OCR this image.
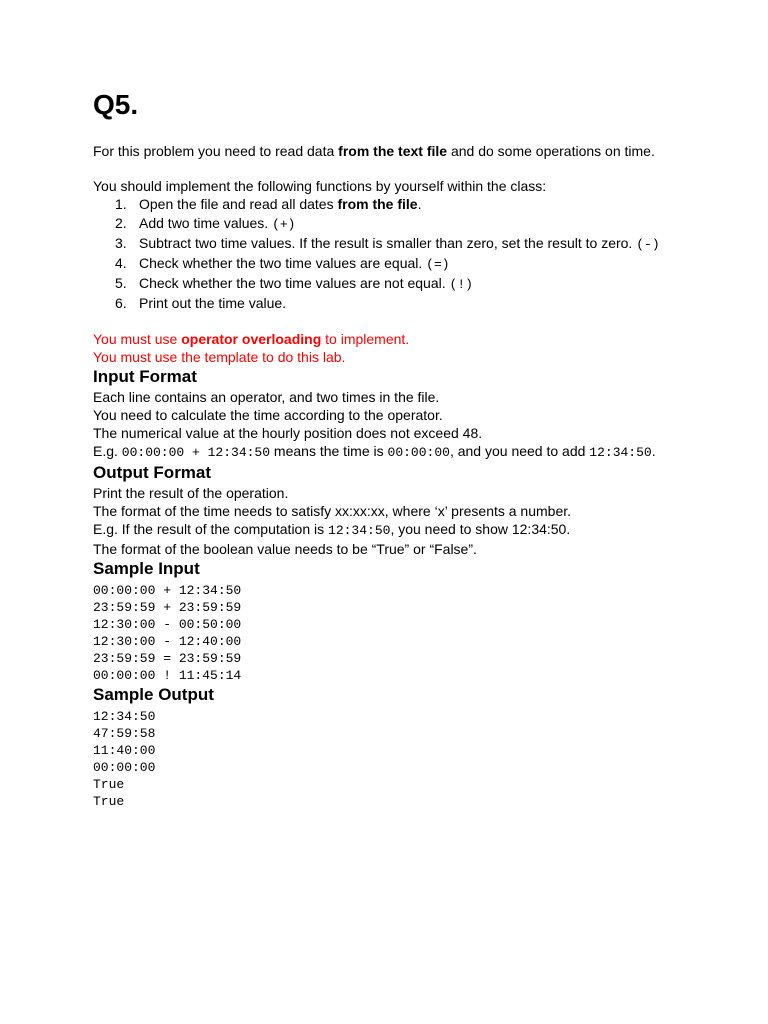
Q5.

For this problem you need to read data from the text file and do some operations on time.

You should implement the following functions by yourself within the class:

1. Open the file and read all dates from the file.
2. Add two time values. (+)
3. Subtract two time values. If the result is smaller than zero, set the result to zero. (-)
4. Check whether the two time values are equal. (=)
5. Check whether the two time values are not equal. (!)
6. Print out the time value.

You must use operator overloading to implement.

You must use the template to do this lab.

Input Format

Each line contains an operator, and two times in the file.

You need to calculate the time according to the operator.

The numerical value at the hourly position does not exceed 48.

E.g. 00:00:00 + 12:34:50 means the time is 00:00:00, and you need to add 12:34:50.

Output Format

Print the result of the operation.

The format of the time needs to satisfy xx:xx:xx, where ‘x’ presents a number.

E.g. If the result of the computation is 12:34:50, you need to show 12:34:50.

The format of the boolean value needs to be “True” or “False”.

Sample Input

00:00:00 + 12:34:50

23:59:59 + 23:59:59

12:30:00 - 00:50:00

12:30:00 - 12:40:00

23:59:59 = 23:59:59

00:00:00 ! 11:45:14

Sample Output

12:34:50

47:59:58

11:40:00

00:00:00

True

True
